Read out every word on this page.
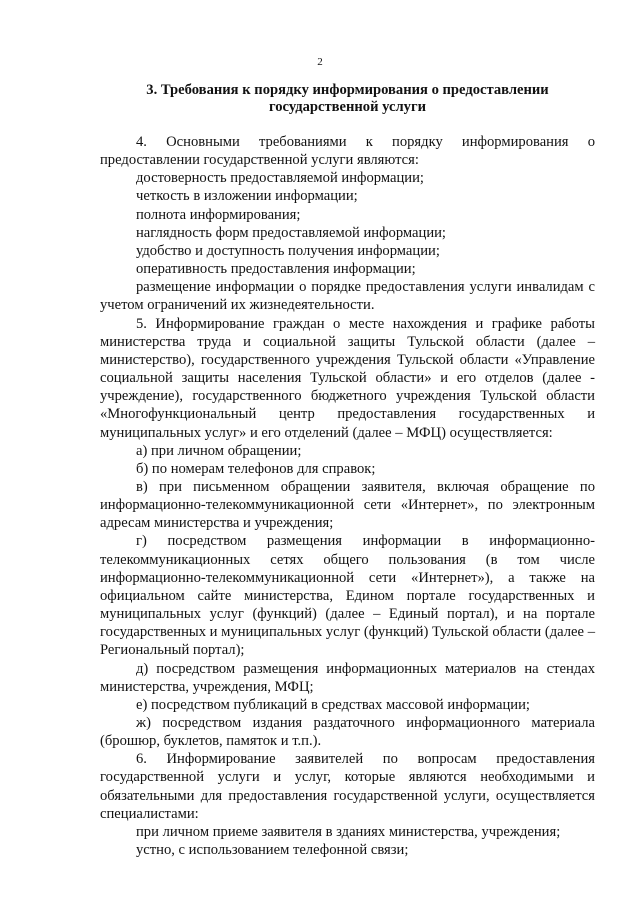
2
3. Требования к порядку информирования о предоставлении
государственной услуги

4. Основными требованиями к порядку информирования о предоставлении государственной услуги являются:

достоверность предоставляемой информации;

четкость в изложении информации;

полнота информирования;

наглядность форм предоставляемой информации;

удобство и доступность получения информации;

оперативность предоставления информации;

размещение информации о порядке предоставления услуги инвалидам с учетом ограничений их жизнедеятельности.

5. Информирование граждан о месте нахождения и графике работы министерства труда и социальной защиты Тульской области (далее – министерство), государственного учреждения Тульской области «Управление социальной защиты населения Тульской области» и его отделов (далее - учреждение), государственного бюджетного учреждения Тульской области «Многофункциональный центр предоставления государственных и муниципальных услуг» и его отделений (далее – МФЦ) осуществляется:

а) при личном обращении;

б) по номерам телефонов для справок;

в) при письменном обращении заявителя, включая обращение по информационно-телекоммуникационной сети «Интернет», по электронным адресам министерства и учреждения;

г) посредством размещения информации в информационно-телекоммуникационных сетях общего пользования (в том числе информационно-телекоммуникационной сети «Интернет»), а также на официальном сайте министерства, Едином портале государственных и муниципальных услуг (функций) (далее – Единый портал), и на портале государственных и муниципальных услуг (функций) Тульской области (далее – Региональный портал);

д) посредством размещения информационных материалов на стендах министерства, учреждения, МФЦ;

е) посредством публикаций в средствах массовой информации;

ж) посредством издания раздаточного информационного материала (брошюр, буклетов, памяток и т.п.).

6. Информирование заявителей по вопросам предоставления государственной услуги и услуг, которые являются необходимыми и обязательными для предоставления государственной услуги, осуществляется специалистами:

при личном приеме заявителя в зданиях министерства, учреждения;

устно, с использованием телефонной связи;
